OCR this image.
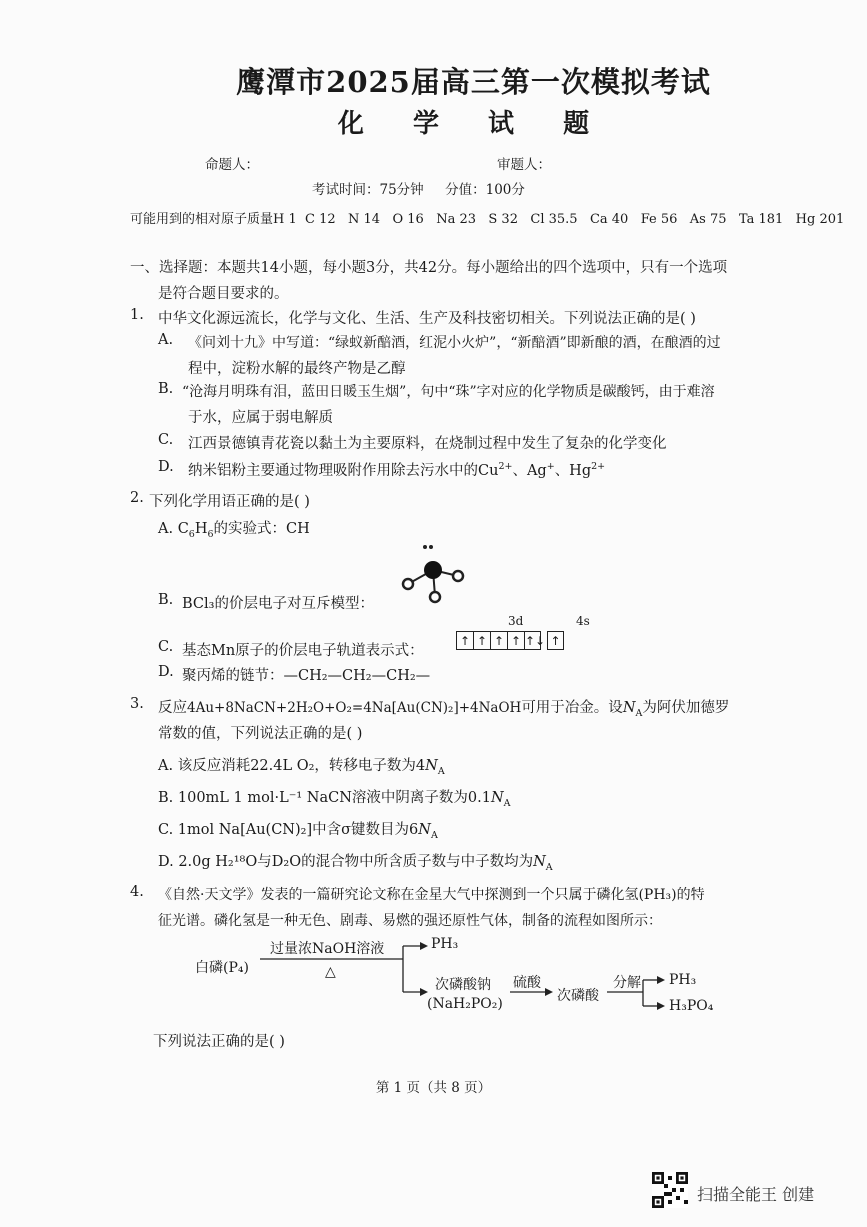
鹰潭市2025届高三第一次模拟考试
化 学 试 题
命题人：	审题人：
考试时间：75分钟     分值：100分
可能用到的相对原子质量H 1  C 12   N 14   O 16   Na 23   S 32   Cl 35.5   Ca 40   Fe 56   As 75   Ta 181   Hg 201
一、选择题：本题共14小题，每小题3分，共42分。每小题给出的四个选项中，只有一个选项
是符合题目要求的。
1. 中华文化源远流长，化学与文化、生活、生产及科技密切相关。下列说法正确的是( )
A. 《问刘十九》中写道：“绿蚁新醅酒，红泥小火炉”，“新醅酒”即新酿的酒，在酿酒的过
程中，淀粉水解的最终产物是乙醇
B. “沧海月明珠有泪，蓝田日暖玉生烟”，句中“珠”字对应的化学物质是碳酸钙，由于难溶
于水，应属于弱电解质
C. 江西景德镇青花瓷以黏土为主要原料，在烧制过程中发生了复杂的化学变化
D. 纳米铝粉主要通过物理吸附作用除去污水中的$Cu^{2+}$、Ag+、$Hg^{2+}$
2. 下列化学用语正确的是( )
A. $C_6H_6$的实验式：CH
B. BCl₃的价层电子对互斥模型：
3d	4s
↑ ↑ ↑ ↑ ↑↓ ↑
C. 基态Mn原子的价层电子轨道表示式：
D. 聚丙烯的链节：—CH₂—CH₂—CH₂—
3. 反应4Au+8NaCN+2H₂O+O₂=4Na[Au(CN)₂]+4NaOH可用于冶金。设$N_A$为阿伏加德罗
常数的值，下列说法正确的是( )
A. 该反应消耗22.4L O₂，转移电子数为$4N_A$
B. 100mL 1 mol·L⁻¹ NaCN溶液中阴离子数为$0.1N_A$
C. 1mol Na[Au(CN)₂]中含σ键数目为$6N_A$
D. 2.0g H₂¹⁸O与D₂O的混合物中所含质子数与中子数均为$N_A$
4. 《自然·天文学》发表的一篇研究论文称在金星大气中探测到一个只属于磷化氢(PH₃)的特
征光谱。磷化氢是一种无色、剧毒、易燃的强还原性气体，制备的流程如图所示：
白磷(P₄)
过量浓NaOH溶液
△
PH₃
次磷酸钠
(NaH₂PO₂)
硫酸
次磷酸
分解 PH₃
H₃PO₄
下列说法正确的是( )
第 1 页（共 8 页）
扫描全能王 创建
